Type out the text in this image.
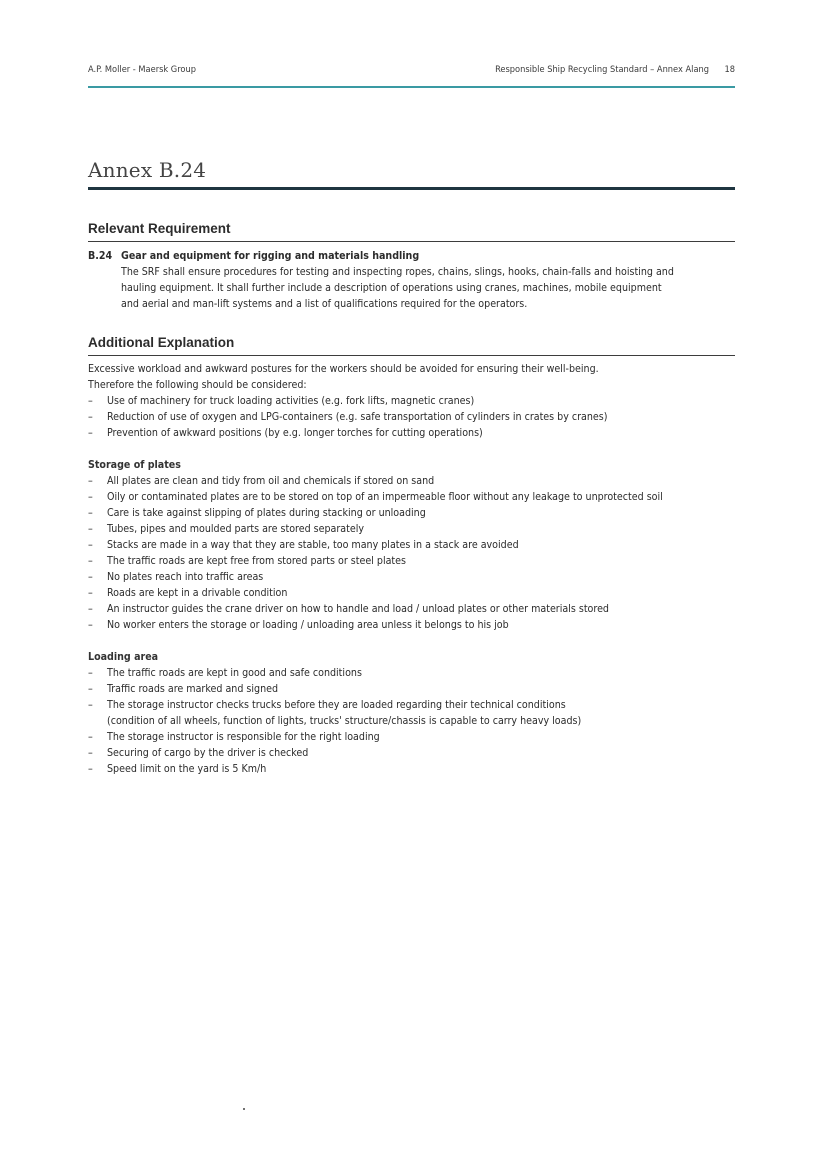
A.P. Moller - Maersk Group	Responsible Ship Recycling Standard – Annex Alang 18
Annex B.24
Relevant Requirement
B.24 Gear and equipment for rigging and materials handling

The SRF shall ensure procedures for testing and inspecting ropes, chains, slings, hooks, chain-falls and hoisting and

hauling equipment. It shall further include a description of operations using cranes, machines, mobile equipment

and aerial and man-lift systems and a list of qualifications required for the operators.

Additional Explanation

Excessive workload and awkward postures for the workers should be avoided for ensuring their well-being.

Therefore the following should be considered:

– Use of machinery for truck loading activities (e.g. fork lifts, magnetic cranes)
– Reduction of use of oxygen and LPG-containers (e.g. safe transportation of cylinders in crates by cranes)
– Prevention of awkward positions (by e.g. longer torches for cutting operations)

Storage of plates

– All plates are clean and tidy from oil and chemicals if stored on sand
– Oily or contaminated plates are to be stored on top of an impermeable floor without any leakage to unprotected soil
– Care is take against slipping of plates during stacking or unloading
– Tubes, pipes and moulded parts are stored separately
– Stacks are made in a way that they are stable, too many plates in a stack are avoided
– The traffic roads are kept free from stored parts or steel plates
– No plates reach into traffic areas
– Roads are kept in a drivable condition
– An instructor guides the crane driver on how to handle and load / unload plates or other materials stored
– No worker enters the storage or loading / unloading area unless it belongs to his job

Loading area

– The traffic roads are kept in good and safe conditions
– Traffic roads are marked and signed
– The storage instructor checks trucks before they are loaded regarding their technical conditions

(condition of all wheels, function of lights, trucks' structure/chassis is capable to carry heavy loads)

– The storage instructor is responsible for the right loading
– Securing of cargo by the driver is checked
– Speed limit on the yard is 5 Km/h
